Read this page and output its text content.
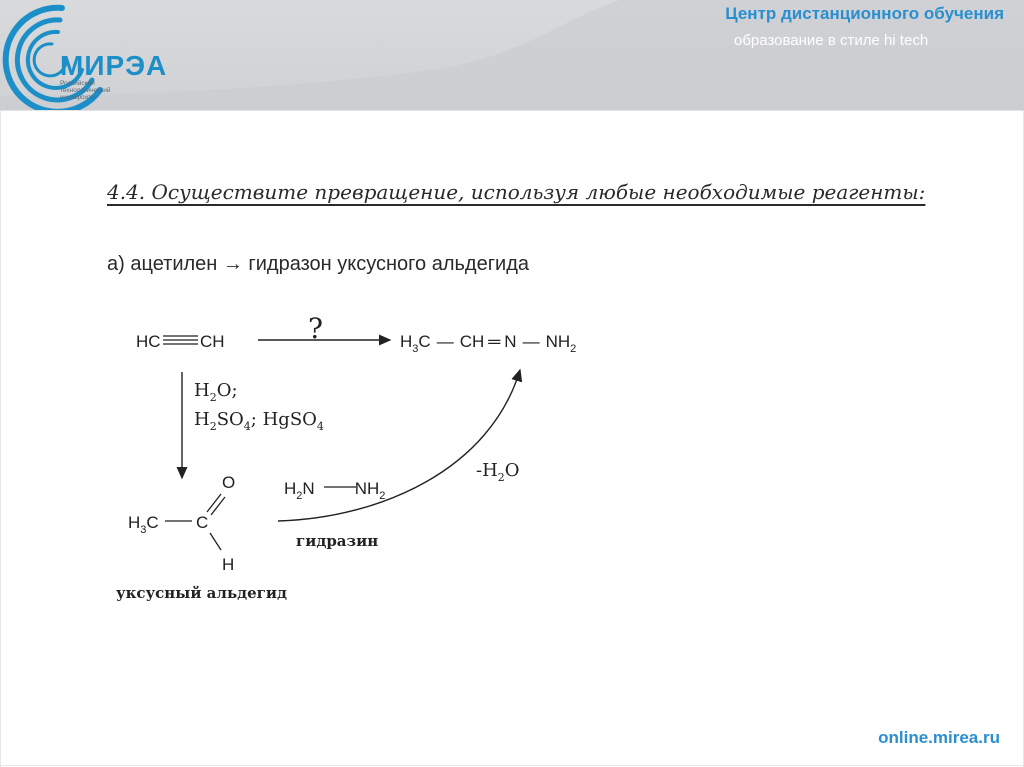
МИРЭА
Российский технологический университет
Центр дистанционного обучения
образование в стиле hi tech
4.4. Осуществите превращение, используя любые необходимые реагенты:
а) ацетилен → гидразон уксусного альдегида
HC CH	?	$H_3C$ — CH ═ N — $NH_2$
$H_2O$;
$H_2SO_4$; HgSO$_4$
$H_3C$ C
O
H
уксусный альдегид
$H_2N$ $NH_2$
гидразин
$-H_2O$
online.mirea.ru
